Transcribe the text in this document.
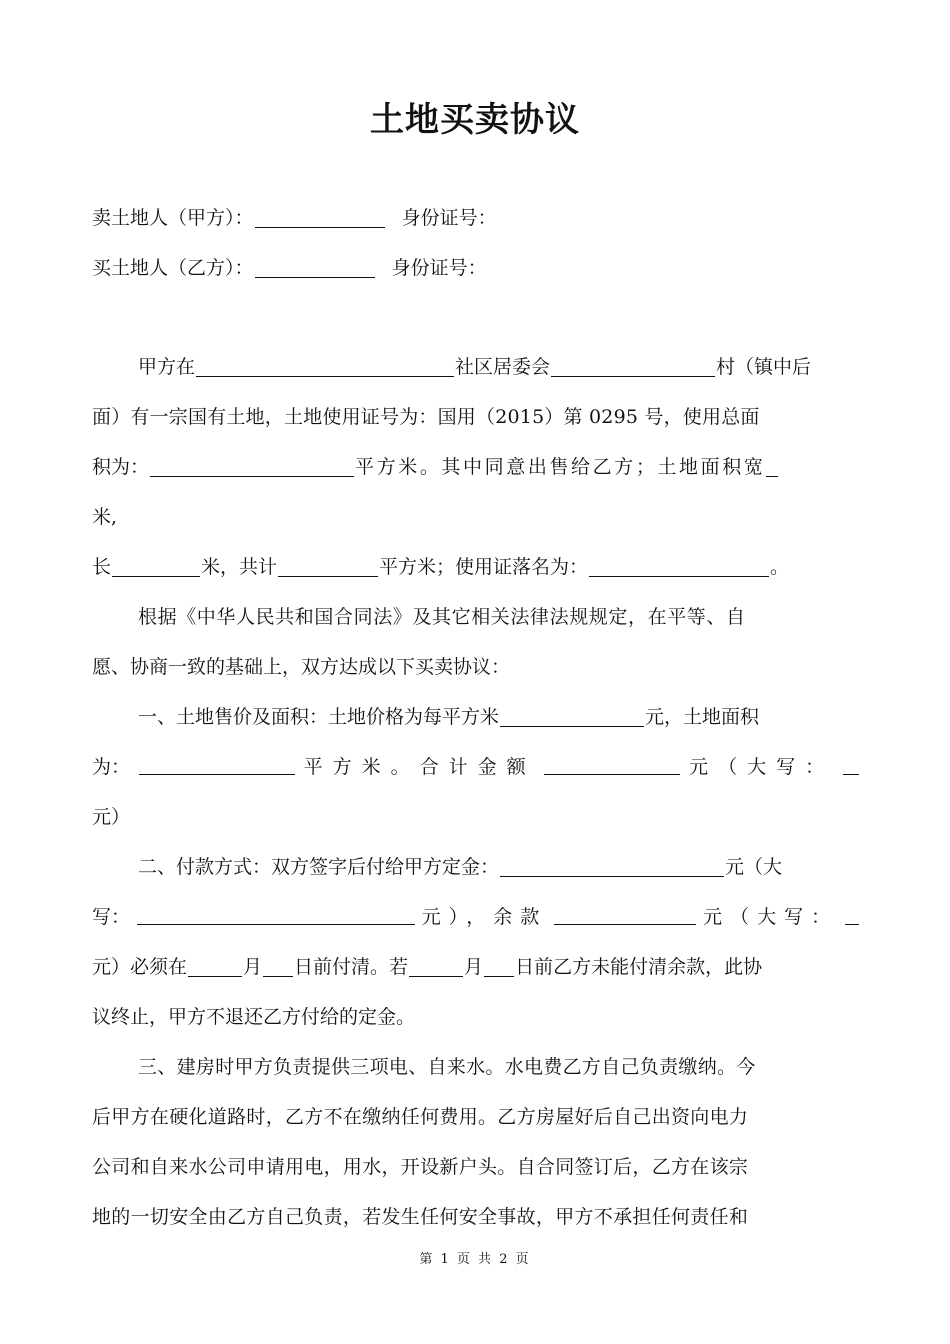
土地买卖协议
卖土地人（甲方）：	身份证号：
买土地人（乙方）：	身份证号：
甲方在	社区居委会	村（镇中后
面）有一宗国有土地，土地使用证号为：国用（2015）第 0295 号，使用总面
积为：	平方米。其中同意出售给乙方；土地面积宽
米,
长	米，共计	平方米；使用证落名为：	。
根据《中华人民共和国合同法》及其它相关法律法规规定，在平等、自
愿、协商一致的基础上，双方达成以下买卖协议：
一、土地售价及面积：土地价格为每平方米	元，土地面积
为：	平方米。合计金额	元（大写：
元）
二、付款方式：双方签字后付给甲方定金：	元（大
写：	元），余款	元（大写：
元）必须在	月 日前付清。若	月 日前乙方未能付清余款，此协
议终止，甲方不退还乙方付给的定金。
三、建房时甲方负责提供三项电、自来水。水电费乙方自己负责缴纳。今
后甲方在硬化道路时，乙方不在缴纳任何费用。乙方房屋好后自己出资向电力
公司和自来水公司申请用电，用水，开设新户头。自合同签订后，乙方在该宗
地的一切安全由乙方自己负责，若发生任何安全事故，甲方不承担任何责任和
第 1 页 共 2 页
